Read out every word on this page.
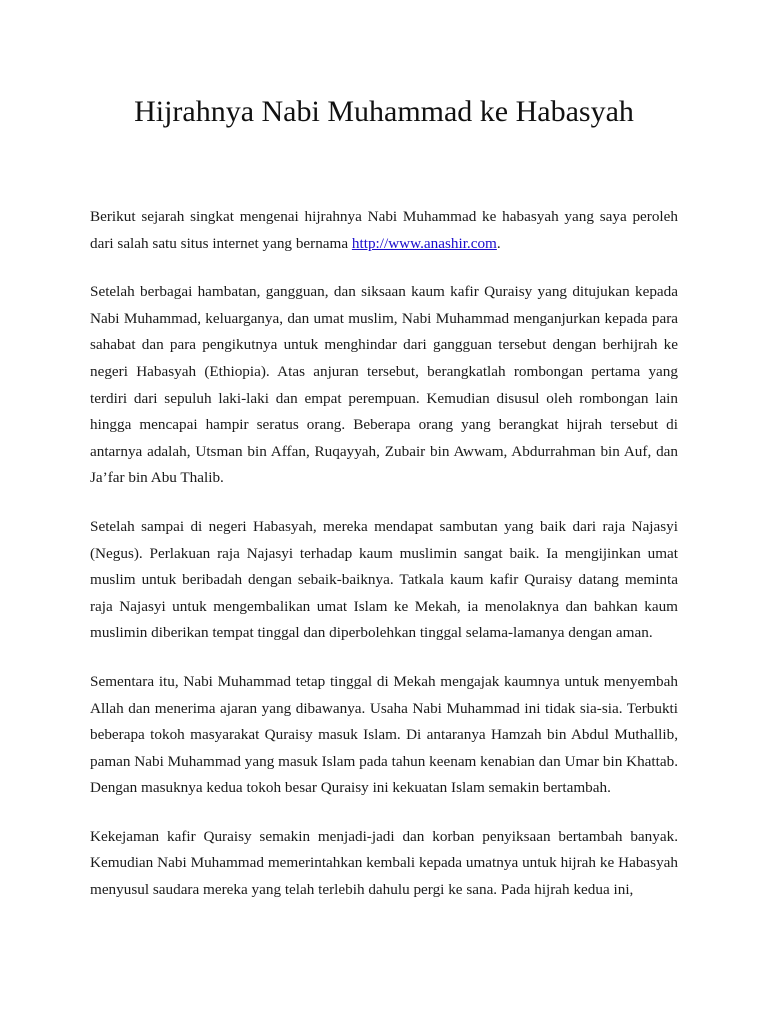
Hijrahnya Nabi Muhammad ke Habasyah

Berikut sejarah singkat mengenai hijrahnya Nabi Muhammad ke habasyah yang saya peroleh dari salah satu situs internet yang bernama http://www.anashir.com.

Setelah berbagai hambatan, gangguan, dan siksaan kaum kafir Quraisy yang ditujukan kepada Nabi Muhammad, keluarganya, dan umat muslim, Nabi Muhammad menganjurkan kepada para sahabat dan para pengikutnya untuk menghindar dari gangguan tersebut dengan berhijrah ke negeri Habasyah (Ethiopia). Atas anjuran tersebut, berangkatlah rombongan pertama yang terdiri dari sepuluh laki-laki dan empat perempuan. Kemudian disusul oleh rombongan lain hingga mencapai hampir seratus orang. Beberapa orang yang berangkat hijrah tersebut di antarnya adalah, Utsman bin Affan, Ruqayyah, Zubair bin Awwam, Abdurrahman bin Auf, dan Ja’far bin Abu Thalib.

Setelah sampai di negeri Habasyah, mereka mendapat sambutan yang baik dari raja Najasyi (Negus). Perlakuan raja Najasyi terhadap kaum muslimin sangat baik. Ia mengijinkan umat muslim untuk beribadah dengan sebaik-baiknya. Tatkala kaum kafir Quraisy datang meminta raja Najasyi untuk mengembalikan umat Islam ke Mekah, ia menolaknya dan bahkan kaum muslimin diberikan tempat tinggal dan diperbolehkan tinggal selama-lamanya dengan aman.

Sementara itu, Nabi Muhammad tetap tinggal di Mekah mengajak kaumnya untuk menyembah Allah dan menerima ajaran yang dibawanya. Usaha Nabi Muhammad ini tidak sia-sia. Terbukti beberapa tokoh masyarakat Quraisy masuk Islam. Di antaranya Hamzah bin Abdul Muthallib, paman Nabi Muhammad yang masuk Islam pada tahun keenam kenabian dan Umar bin Khattab. Dengan masuknya kedua tokoh besar Quraisy ini kekuatan Islam semakin bertambah.

Kekejaman kafir Quraisy semakin menjadi-jadi dan korban penyiksaan bertambah banyak. Kemudian Nabi Muhammad memerintahkan kembali kepada umatnya untuk hijrah ke Habasyah menyusul saudara mereka yang telah terlebih dahulu pergi ke sana. Pada hijrah kedua ini,
